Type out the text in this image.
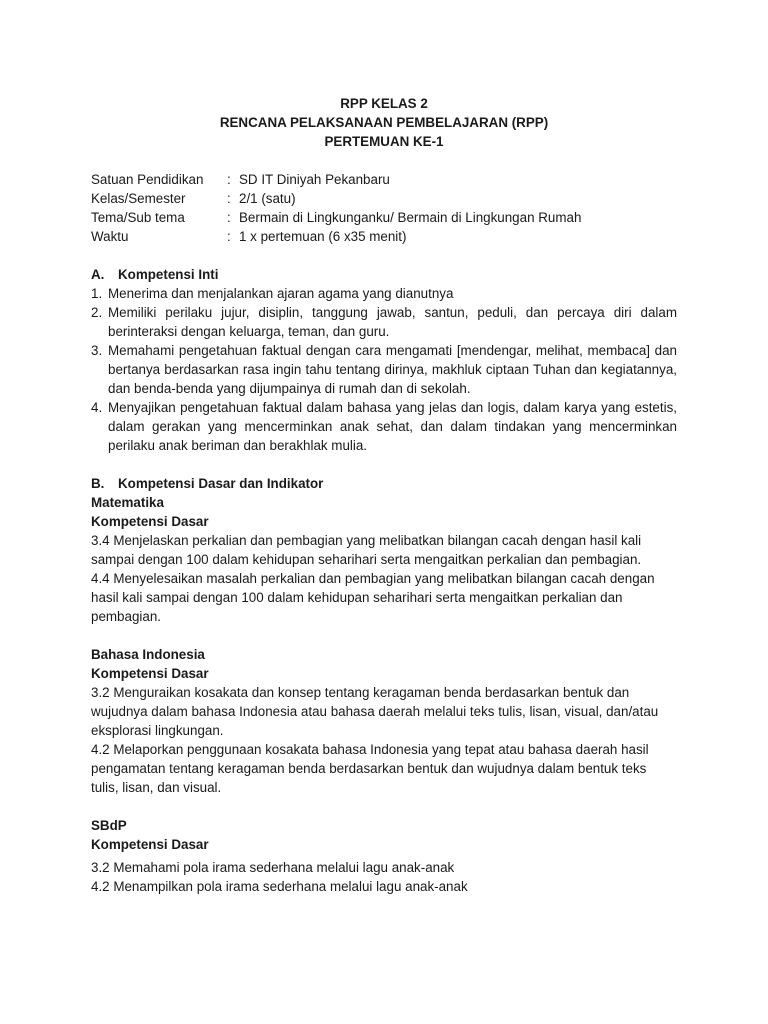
RPP KELAS 2
RENCANA PELAKSANAAN PEMBELAJARAN (RPP)
PERTEMUAN KE-1
Satuan Pendidikan	: SD IT Diniyah Pekanbaru
Kelas/Semester	: 2/1 (satu)
Tema/Sub tema	: Bermain di Lingkunganku/ Bermain di Lingkungan Rumah
Waktu	: 1 x pertemuan (6 x35 menit)
A.	Kompetensi Inti
1. Menerima dan menjalankan ajaran agama yang dianutnya
2. Memiliki perilaku jujur, disiplin, tanggung jawab, santun, peduli, dan percaya diri dalam berinteraksi dengan keluarga, teman, dan guru.
3. Memahami pengetahuan faktual dengan cara mengamati [mendengar, melihat, membaca] dan bertanya berdasarkan rasa ingin tahu tentang dirinya, makhluk ciptaan Tuhan dan kegiatannya, dan benda-benda yang dijumpainya di rumah dan di sekolah.
4. Menyajikan pengetahuan faktual dalam bahasa yang jelas dan logis, dalam karya yang estetis, dalam gerakan yang mencerminkan anak sehat, dan dalam tindakan yang mencerminkan perilaku anak beriman dan berakhlak mulia.
B.	Kompetensi Dasar dan Indikator
Matematika
Kompetensi Dasar
3.4 Menjelaskan perkalian dan pembagian yang melibatkan bilangan cacah dengan hasil kali sampai dengan 100 dalam kehidupan seharihari serta mengaitkan perkalian dan pembagian.
4.4 Menyelesaikan masalah perkalian dan pembagian yang melibatkan bilangan cacah dengan hasil kali sampai dengan 100 dalam kehidupan seharihari serta mengaitkan perkalian dan pembagian.
Bahasa Indonesia
Kompetensi Dasar
3.2 Menguraikan kosakata dan konsep tentang keragaman benda berdasarkan bentuk dan wujudnya dalam bahasa Indonesia atau bahasa daerah melalui teks tulis, lisan, visual, dan/atau eksplorasi lingkungan.
4.2 Melaporkan penggunaan kosakata bahasa Indonesia yang tepat atau bahasa daerah hasil pengamatan tentang keragaman benda berdasarkan bentuk dan wujudnya dalam bentuk teks tulis, lisan, dan visual.
SBdP
Kompetensi Dasar
3.2 Memahami pola irama sederhana melalui lagu anak-anak
4.2 Menampilkan pola irama sederhana melalui lagu anak-anak
